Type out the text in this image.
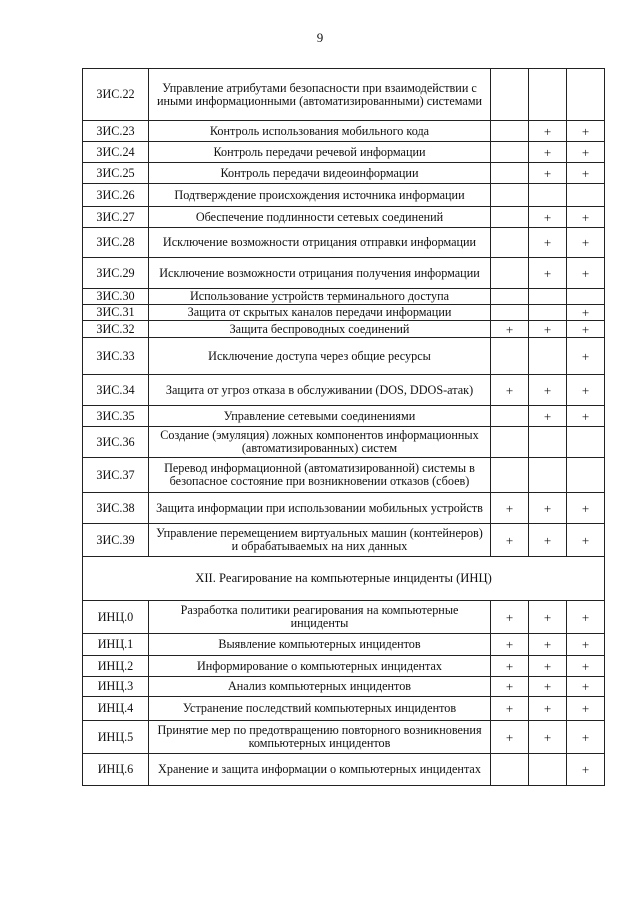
9
ЗИС.22	Управление атрибутами безопасности при взаимодействии с иными информационными (автоматизированными) системами			
ЗИС.23	Контроль использования мобильного кода		+	+
ЗИС.24	Контроль передачи речевой информации		+	+
ЗИС.25	Контроль передачи видеоинформации		+	+
ЗИС.26	Подтверждение происхождения источника информации			
ЗИС.27	Обеспечение подлинности сетевых соединений		+	+
ЗИС.28	Исключение возможности отрицания отправки информации		+	+
ЗИС.29	Исключение возможности отрицания получения информации		+	+
ЗИС.30	Использование устройств терминального доступа			
ЗИС.31	Защита от скрытых каналов передачи информации			+
ЗИС.32	Защита беспроводных соединений	+	+	+
ЗИС.33	Исключение доступа через общие ресурсы			+
ЗИС.34	Защита от угроз отказа в обслуживании (DOS, DDOS-атак)	+	+	+
ЗИС.35	Управление сетевыми соединениями		+	+
ЗИС.36	Создание (эмуляция) ложных компонентов информационных (автоматизированных) систем			
ЗИС.37	Перевод информационной (автоматизированной) системы в безопасное состояние при возникновении отказов (сбоев)			
ЗИС.38	Защита информации при использовании мобильных устройств	+	+	+
ЗИС.39	Управление перемещением виртуальных машин (контейнеров) и обрабатываемых на них данных	+	+	+
XII. Реагирование на компьютерные инциденты (ИНЦ)				
ИНЦ.0	Разработка политики реагирования на компьютерные инциденты	+	+	+
ИНЦ.1	Выявление компьютерных инцидентов	+	+	+
ИНЦ.2	Информирование о компьютерных инцидентах	+	+	+
ИНЦ.3	Анализ компьютерных инцидентов	+	+	+
ИНЦ.4	Устранение последствий компьютерных инцидентов	+	+	+
ИНЦ.5	Принятие мер по предотвращению повторного возникновения компьютерных инцидентов	+	+	+
ИНЦ.6	Хранение и защита информации о компьютерных инцидентах			+
